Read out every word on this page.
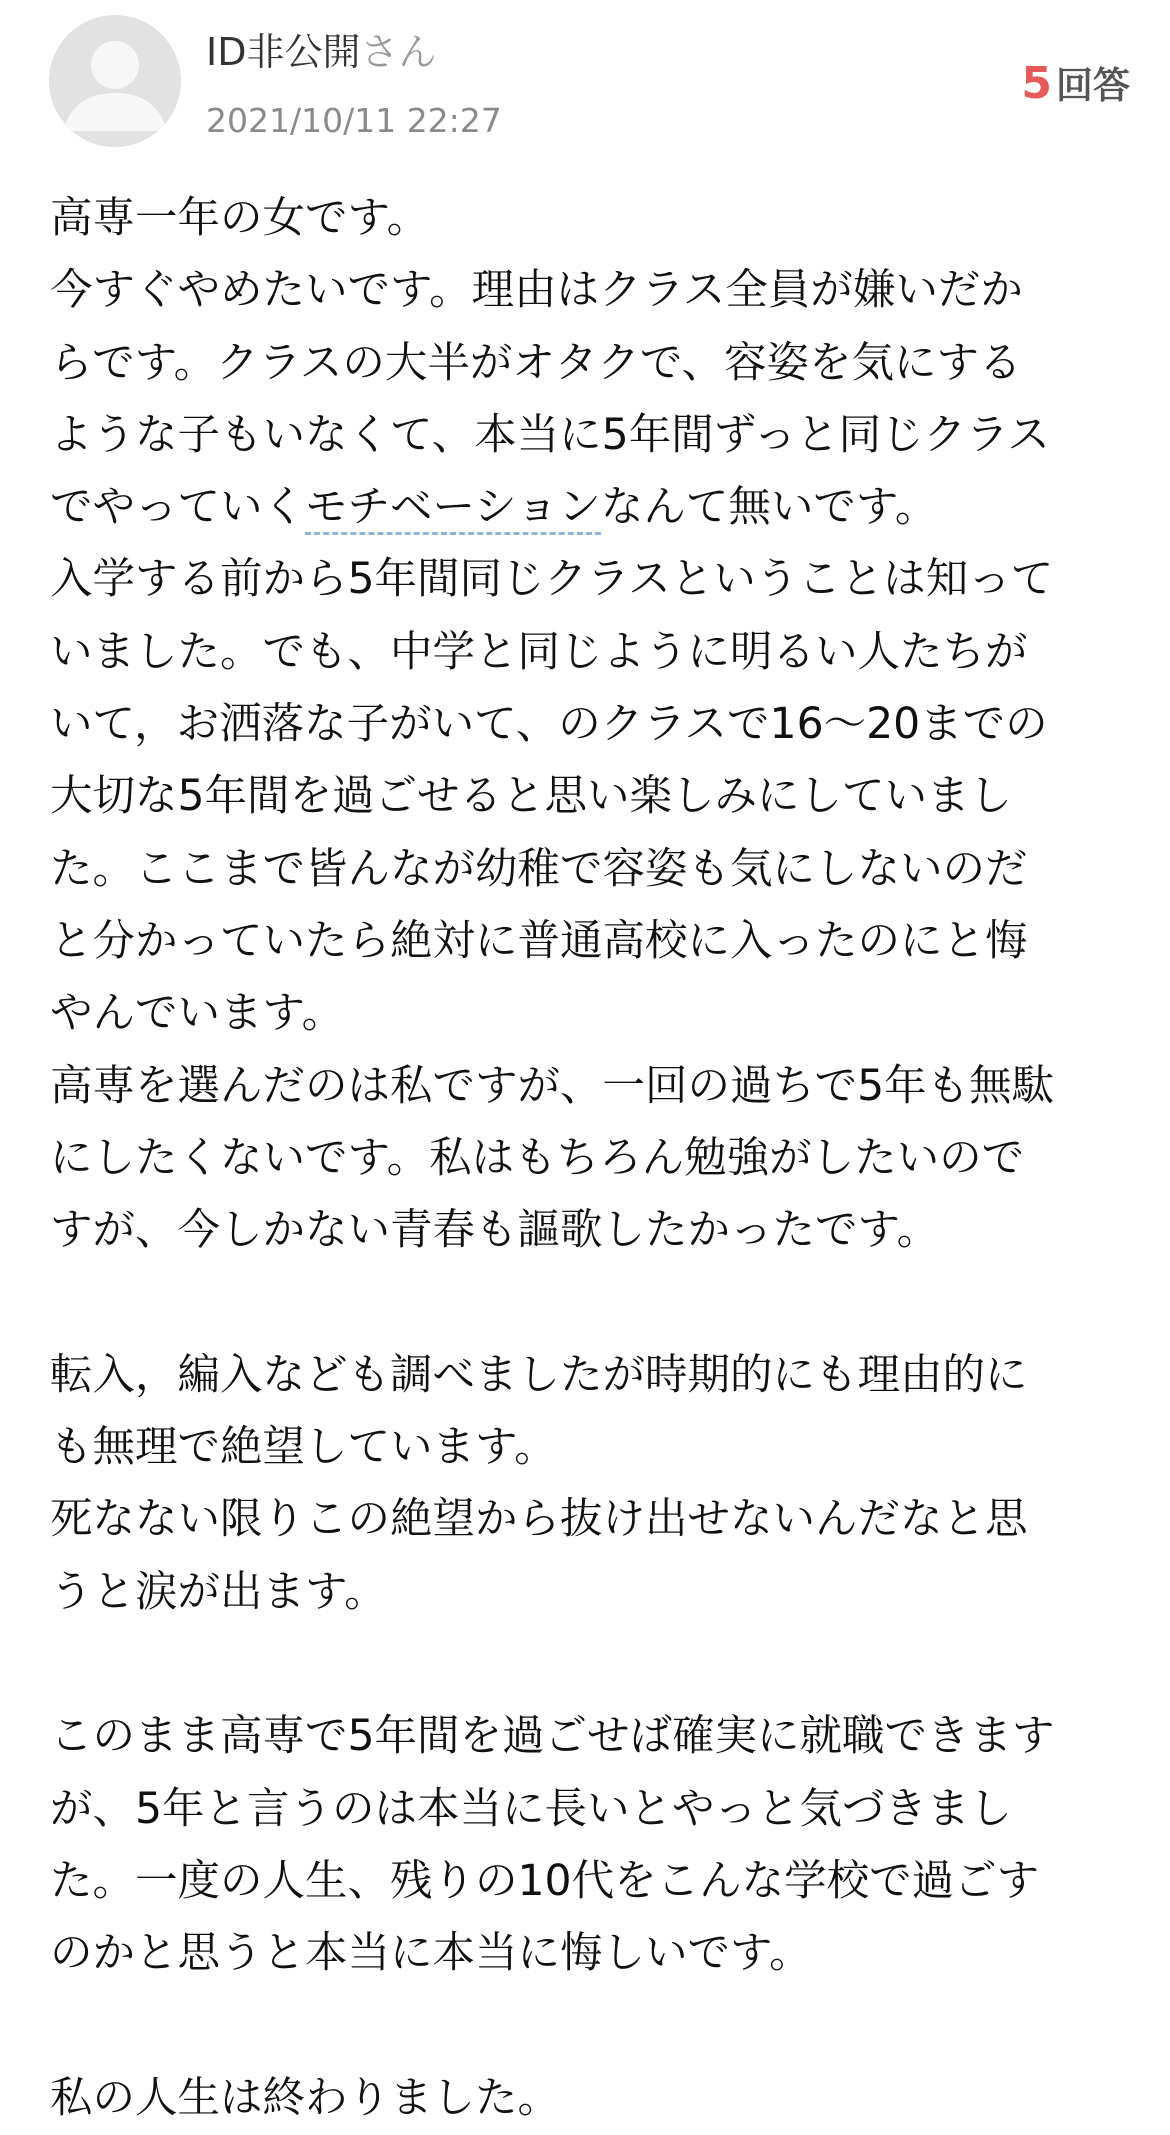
ID非公開さん
2021/10/11 22:27
5 回答
高専一年の女です。
今すぐやめたいです。理由はクラス全員が嫌いだか
らです。クラスの大半がオタクで、容姿を気にする
ような子もいなくて、本当に5年間ずっと同じクラス
でやっていくモチベーションなんて無いです。
入学する前から5年間同じクラスということは知って
いました。でも、中学と同じように明るい人たちが
いて，お洒落な子がいて、のクラスで16〜20までの
大切な5年間を過ごせると思い楽しみにしていまし
た。ここまで皆んなが幼稚で容姿も気にしないのだ
と分かっていたら絶対に普通高校に入ったのにと悔
やんでいます。
高専を選んだのは私ですが、一回の過ちで5年も無駄
にしたくないです。私はもちろん勉強がしたいので
すが、今しかない青春も謳歌したかったです。
転入，編入なども調べましたが時期的にも理由的に
も無理で絶望しています。
死なない限りこの絶望から抜け出せないんだなと思
うと涙が出ます。
このまま高専で5年間を過ごせば確実に就職できます
が、5年と言うのは本当に長いとやっと気づきまし
た。一度の人生、残りの10代をこんな学校で過ごす
のかと思うと本当に本当に悔しいです。
私の人生は終わりました。
